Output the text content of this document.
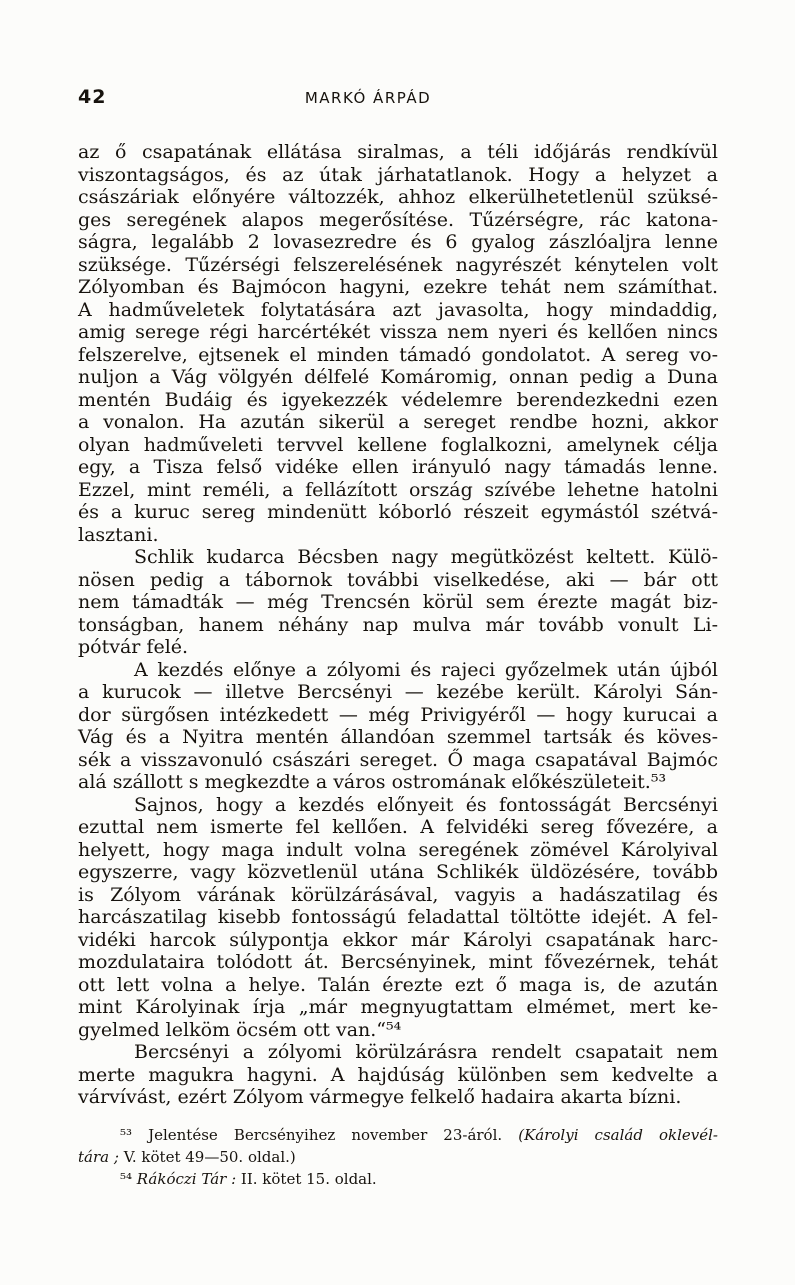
42	MARKÓ ÁRPÁD
az ő csapatának ellátása siralmas, a téli időjárás rendkívül
viszontagságos, és az útak járhatatlanok. Hogy a helyzet a
császáriak előnyére változzék, ahhoz elkerülhetetlenül szüksé-
ges seregének alapos megerősítése. Tűzérségre, rác katona-
ságra, legalább 2 lovasezredre és 6 gyalog zászlóaljra lenne
szüksége. Tűzérségi felszerelésének nagyrészét kénytelen volt
Zólyomban és Bajmócon hagyni, ezekre tehát nem számíthat.
A hadműveletek folytatására azt javasolta, hogy mindaddig,
amig serege régi harcértékét vissza nem nyeri és kellően nincs
felszerelve, ejtsenek el minden támadó gondolatot. A sereg vo-
nuljon a Vág völgyén délfelé Komáromig, onnan pedig a Duna
mentén Budáig és igyekezzék védelemre berendezkedni ezen
a vonalon. Ha azután sikerül a sereget rendbe hozni, akkor
olyan hadműveleti tervvel kellene foglalkozni, amelynek célja
egy, a Tisza felső vidéke ellen irányuló nagy támadás lenne.
Ezzel, mint reméli, a fellázított ország szívébe lehetne hatolni
és a kuruc sereg mindenütt kóborló részeit egymástól szétvá-
lasztani.
Schlik kudarca Bécsben nagy megütközést keltett. Külö-
nösen pedig a tábornok további viselkedése, aki — bár ott
nem támadták — még Trencsén körül sem érezte magát biz-
tonságban, hanem néhány nap mulva már tovább vonult Li-
pótvár felé.
A kezdés előnye a zólyomi és rajeci győzelmek után újból
a kurucok — illetve Bercsényi — kezébe került. Károlyi Sán-
dor sürgősen intézkedett — még Privigyéről — hogy kurucai a
Vág és a Nyitra mentén állandóan szemmel tartsák és köves-
sék a visszavonuló császári sereget. Ő maga csapatával Bajmóc
alá szállott s megkezdte a város ostromának előkészületeit.⁵³
Sajnos, hogy a kezdés előnyeit és fontosságát Bercsényi
ezuttal nem ismerte fel kellően. A felvidéki sereg fővezére, a
helyett, hogy maga indult volna seregének zömével Károlyival
egyszerre, vagy közvetlenül utána Schlikék üldözésére, tovább
is Zólyom várának körülzárásával, vagyis a hadászatilag és
harcászatilag kisebb fontosságú feladattal töltötte idejét. A fel-
vidéki harcok súlypontja ekkor már Károlyi csapatának harc-
mozdulataira tolódott át. Bercsényinek, mint fővezérnek, tehát
ott lett volna a helye. Talán érezte ezt ő maga is, de azután
mint Károlyinak írja „már megnyugtattam elmémet, mert ke-
gyelmed lelköm öcsém ott van.“⁵⁴
Bercsényi a zólyomi körülzárásra rendelt csapatait nem
merte magukra hagyni. A hajdúság különben sem kedvelte a
várvívást, ezért Zólyom vármegye felkelő hadaira akarta bízni.
⁵³ Jelentése Bercsényihez november 23-áról. (Károlyi család oklevél-
tára ; V. kötet 49—50. oldal.)
⁵⁴ Rákóczi Tár : II. kötet 15. oldal.
